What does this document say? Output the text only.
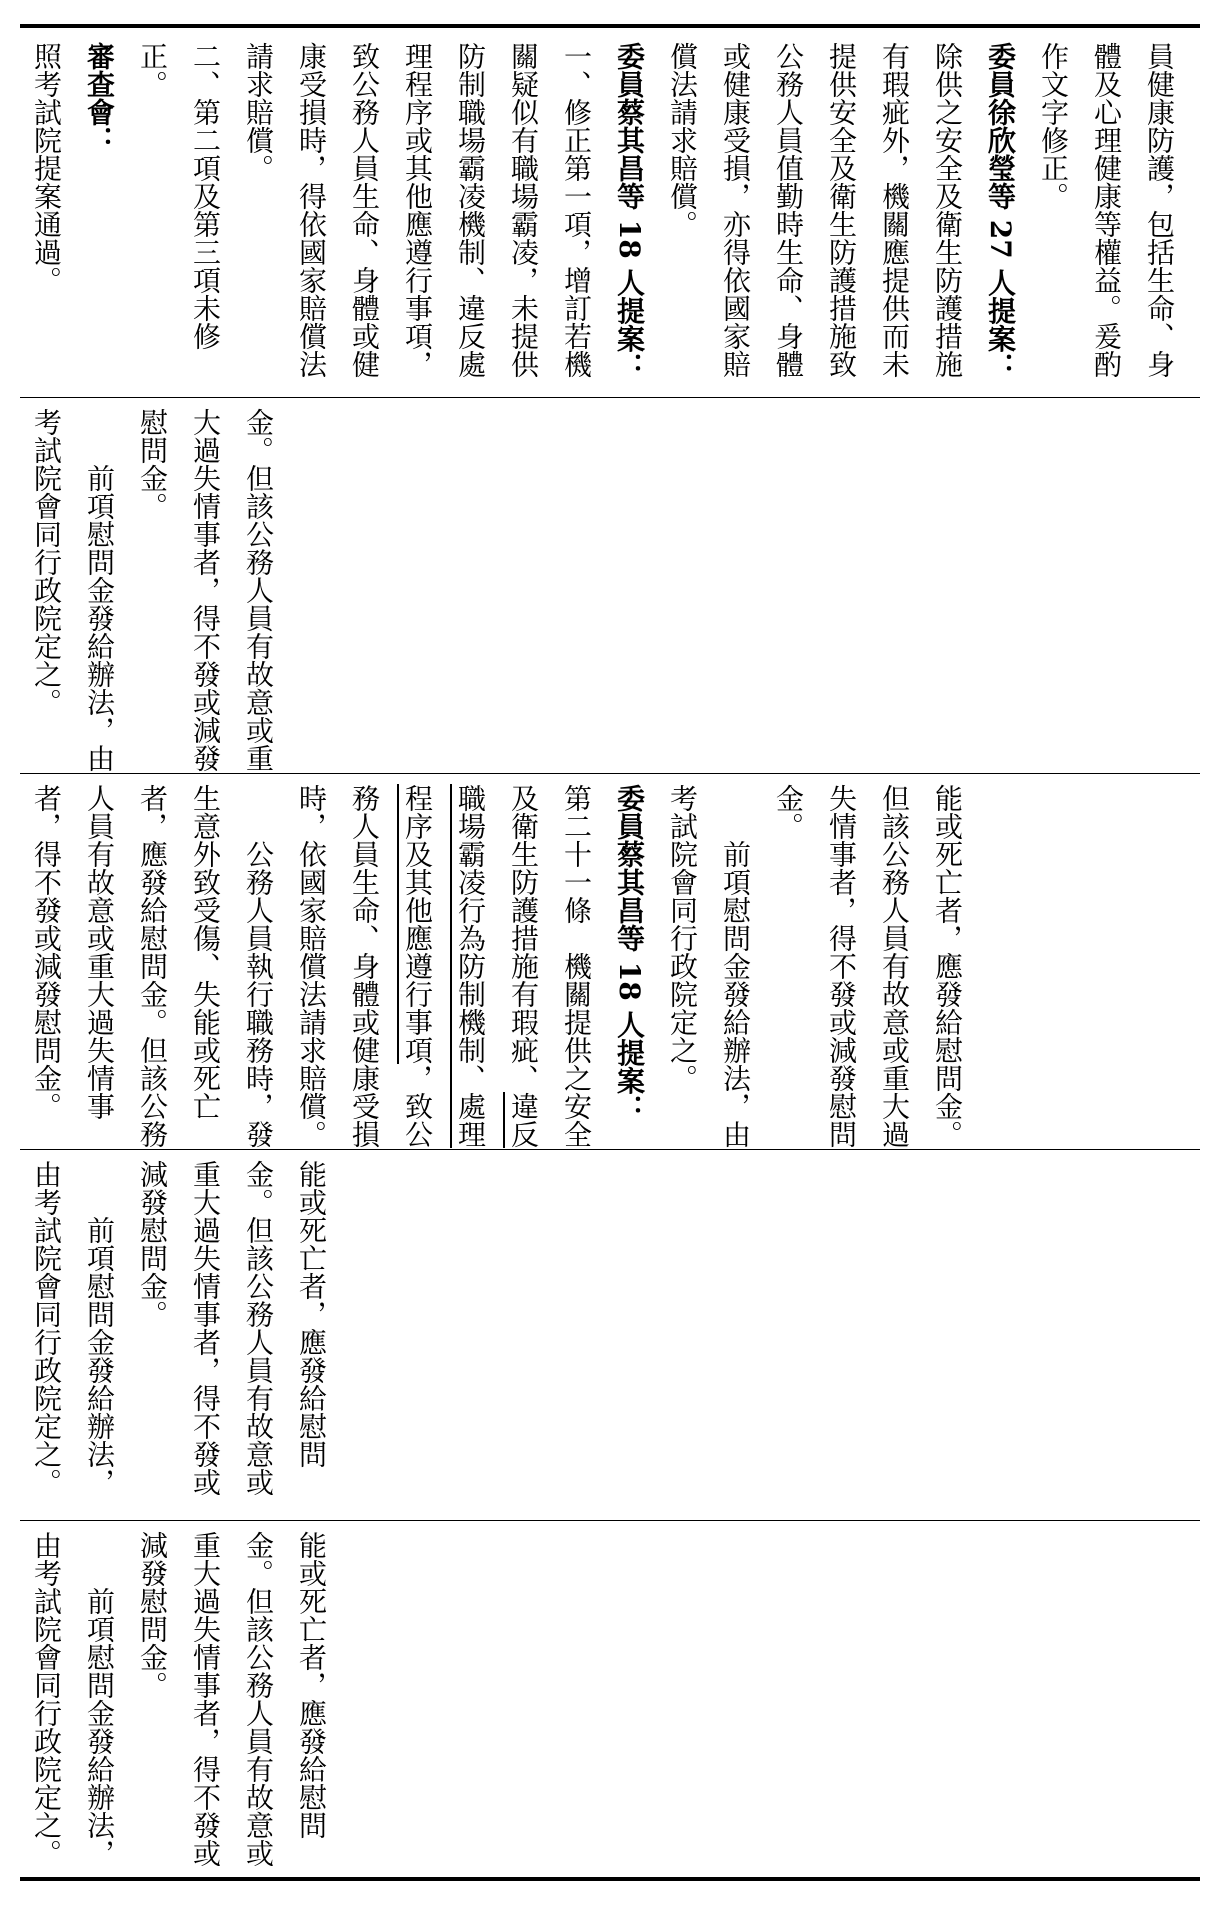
員健康防護，包括生命、身體及心理健康等權益。爰酌作文字修正。
委員徐欣瑩等 27 人提案：除供之安全及衛生防護措施有瑕疵外，機關應提供而未提供安全及衛生防護措施致公務人員值勤時生命、身體或健康受損，亦得依國家賠償法請求賠償。
委員蔡其昌等 18 人提案：
一、修正第一項，增訂若機關疑似有職場霸凌，未提供防制職場霸凌機制、違反處理程序或其他應遵行事項，致公務人員生命、身體或健康受損時，得依國家賠償法請求賠償。
二、第二項及第三項未修正。
審查會：
照考試院提案通過。
金。但該公務人員有故意或重大過失情事者，得不發或減發慰問金。
前項慰問金發給辦法，由考試院會同行政院定之。
能或死亡者，應發給慰問金。但該公務人員有故意或重大過失情事者，得不發或減發慰問金。
前項慰問金發給辦法，由考試院會同行政院定之。
委員蔡其昌等 18 人提案：
第二十一條　機關提供之安全及衛生防護措施有瑕疵、違反職場霸凌行為防制機制、處理程序及其他應遵行事項，致公務人員生命、身體或健康受損時，依國家賠償法請求賠償。
公務人員執行職務時，發生意外致受傷、失能或死亡者，應發給慰問金。但該公務人員有故意或重大過失情事者，得不發或減發慰問金。
能或死亡者，應發給慰問金。但該公務人員有故意或重大過失情事者，得不發或減發慰問金。
前項慰問金發給辦法，由考試院會同行政院定之。
能或死亡者，應發給慰問金。但該公務人員有故意或重大過失情事者，得不發或減發慰問金。
前項慰問金發給辦法，由考試院會同行政院定之。
